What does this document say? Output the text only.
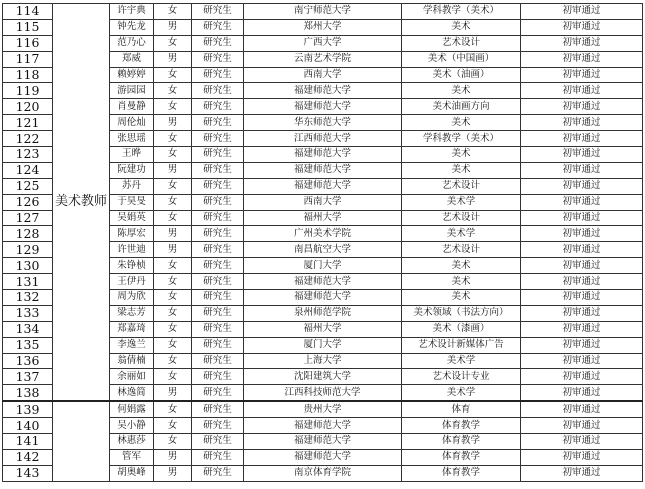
114	美术教师	许宇典	女	研究生	南宁师范大学	学科教学（美术）	初审通过
115		钟先龙	男	研究生	郑州大学	美术	初审通过
116		范乃心	女	研究生	广西大学	艺术设计	初审通过
117		郑威	男	研究生	云南艺术学院	美术（中国画）	初审通过
118		赖婷婷	女	研究生	西南大学	美术（油画）	初审通过
119		游园园	女	研究生	福建师范大学	美术	初审通过
120		肖曼静	女	研究生	福建师范大学	美术油画方向	初审通过
121		周伦灿	男	研究生	华东师范大学	美术	初审通过
122		张思瑶	女	研究生	江西师范大学	学科教学（美术）	初审通过
123		王晔	女	研究生	福建师范大学	美术	初审通过
124		阮建功	男	研究生	福建师范大学	美术	初审通过
125		苏丹	女	研究生	福建师范大学	艺术设计	初审通过
126		于昊旻	女	研究生	西南大学	美术学	初审通过
127		吴娟英	女	研究生	福州大学	艺术设计	初审通过
128		陈厚宏	男	研究生	广州美术学院	美术学	初审通过
129		许世迪	男	研究生	南昌航空大学	艺术设计	初审通过
130		朱铮桢	女	研究生	厦门大学	美术	初审通过
131		王伊丹	女	研究生	福建师范大学	美术	初审通过
132		周为欣	女	研究生	福建师范大学	美术	初审通过
133		梁志芳	女	研究生	泉州师范学院	美术领域（书法方向）	初审通过
134		郑嘉琦	女	研究生	福州大学	美术（漆画）	初审通过
135		李逸兰	女	研究生	厦门大学	艺术设计新媒体广告	初审通过
136		翁倩楠	女	研究生	上海大学	美术学	初审通过
137		余丽如	女	研究生	沈阳建筑大学	艺术设计专业	初审通过
138		林逸简	男	研究生	江西科技师范大学	美术学	初审通过
139		何娟露	女	研究生	贵州大学	体育	初审通过
140		吴小静	女	研究生	福建师范大学	体育教学	初审通过
141		林惠莎	女	研究生	福建师范大学	体育教学	初审通过
142		管军	男	研究生	福建师范大学	体育教学	初审通过
143		胡奥峰	男	研究生	南京体育学院	体育教学	初审通过
